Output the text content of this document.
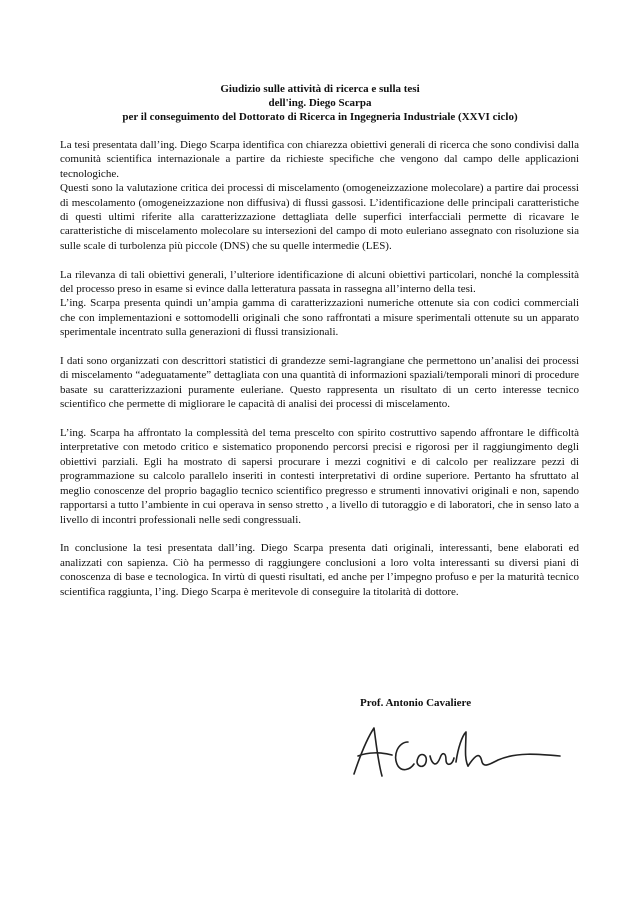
Giudizio sulle attività di ricerca e sulla tesi
dell'ing. Diego Scarpa
per il conseguimento del Dottorato di Ricerca in Ingegneria Industriale (XXVI ciclo)

La tesi presentata dall’ing. Diego Scarpa identifica con chiarezza obiettivi generali di ricerca che sono condivisi dalla comunità scientifica internazionale a partire da richieste specifiche che vengono dal campo delle applicazioni tecnologiche.

Questi sono la valutazione critica dei processi di miscelamento (omogeneizzazione molecolare) a partire dai processi di mescolamento (omogeneizzazione non diffusiva) di flussi gassosi. L’identificazione delle principali caratteristiche di questi ultimi riferite alla caratterizzazione dettagliata delle superfici interfacciali permette di ricavare le caratteristiche di miscelamento molecolare su intersezioni del campo di moto euleriano assegnato con risoluzione sia sulle scale di turbolenza più piccole (DNS) che su quelle intermedie (LES).

La rilevanza di tali obiettivi generali, l’ulteriore identificazione di alcuni obiettivi particolari, nonché la complessità del processo preso in esame si evince dalla letteratura passata in rassegna all’interno della tesi.

L’ing. Scarpa presenta quindi un’ampia gamma di caratterizzazioni numeriche ottenute sia con codici commerciali che con implementazioni e sottomodelli originali che sono raffrontati a misure sperimentali ottenute su un apparato sperimentale incentrato sulla generazioni di flussi transizionali.

I dati sono organizzati con descrittori statistici di grandezze semi-lagrangiane che permettono un’analisi dei processi di miscelamento “adeguatamente” dettagliata con una quantità di informazioni spaziali/temporali minori di procedure basate su caratterizzazioni puramente euleriane. Questo rappresenta un risultato di un certo interesse tecnico scientifico che permette di migliorare le capacità di analisi dei processi di miscelamento.

L’ing. Scarpa ha affrontato la complessità del tema prescelto con spirito costruttivo sapendo affrontare le difficoltà interpretative con metodo critico e sistematico proponendo percorsi precisi e rigorosi per il raggiungimento degli obiettivi parziali. Egli ha mostrato di sapersi procurare i mezzi cognitivi e di calcolo per realizzare pezzi di programmazione su calcolo parallelo inseriti in contesti interpretativi di ordine superiore. Pertanto ha sfruttato al meglio conoscenze del proprio bagaglio tecnico scientifico pregresso e strumenti innovativi originali e non, sapendo rapportarsi a tutto l’ambiente in cui operava in senso stretto , a livello di tutoraggio e di laboratori, che in senso lato a livello di incontri professionali nelle sedi congressuali.

In conclusione la tesi presentata dall’ing. Diego Scarpa presenta dati originali, interessanti, bene elaborati ed analizzati con sapienza. Ciò ha permesso di raggiungere conclusioni a loro volta interessanti su diversi piani di conoscenza di base e tecnologica. In virtù di questi risultati, ed anche per l’impegno profuso e per la maturità tecnico scientifica raggiunta, l’ing. Diego Scarpa è meritevole di conseguire la titolarità di dottore.

Prof. Antonio Cavaliere
